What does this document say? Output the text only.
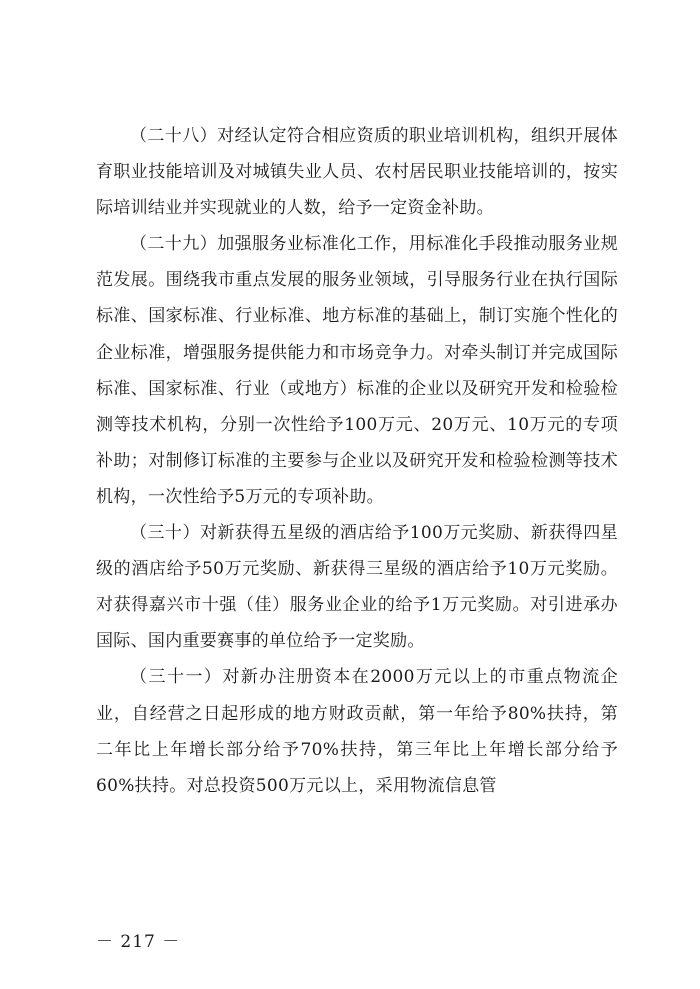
（二十八）对经认定符合相应资质的职业培训机构，组织开展体育职业技能培训及对城镇失业人员、农村居民职业技能培训的，按实际培训结业并实现就业的人数，给予一定资金补助。

（二十九）加强服务业标准化工作，用标准化手段推动服务业规范发展。围绕我市重点发展的服务业领域，引导服务行业在执行国际标准、国家标准、行业标准、地方标准的基础上，制订实施个性化的企业标准，增强服务提供能力和市场竞争力。对牵头制订并完成国际标准、国家标准、行业（或地方）标准的企业以及研究开发和检验检测等技术机构，分别一次性给予100万元、20万元、10万元的专项补助；对制修订标准的主要参与企业以及研究开发和检验检测等技术机构，一次性给予5万元的专项补助。

（三十）对新获得五星级的酒店给予100万元奖励、新获得四星级的酒店给予50万元奖励、新获得三星级的酒店给予10万元奖励。对获得嘉兴市十强（佳）服务业企业的给予1万元奖励。对引进承办国际、国内重要赛事的单位给予一定奖励。

（三十一）对新办注册资本在2000万元以上的市重点物流企业，自经营之日起形成的地方财政贡献，第一年给予80%扶持，第二年比上年增长部分给予70%扶持，第三年比上年增长部分给予60%扶持。对总投资500万元以上，采用物流信息管

－ 217 －
